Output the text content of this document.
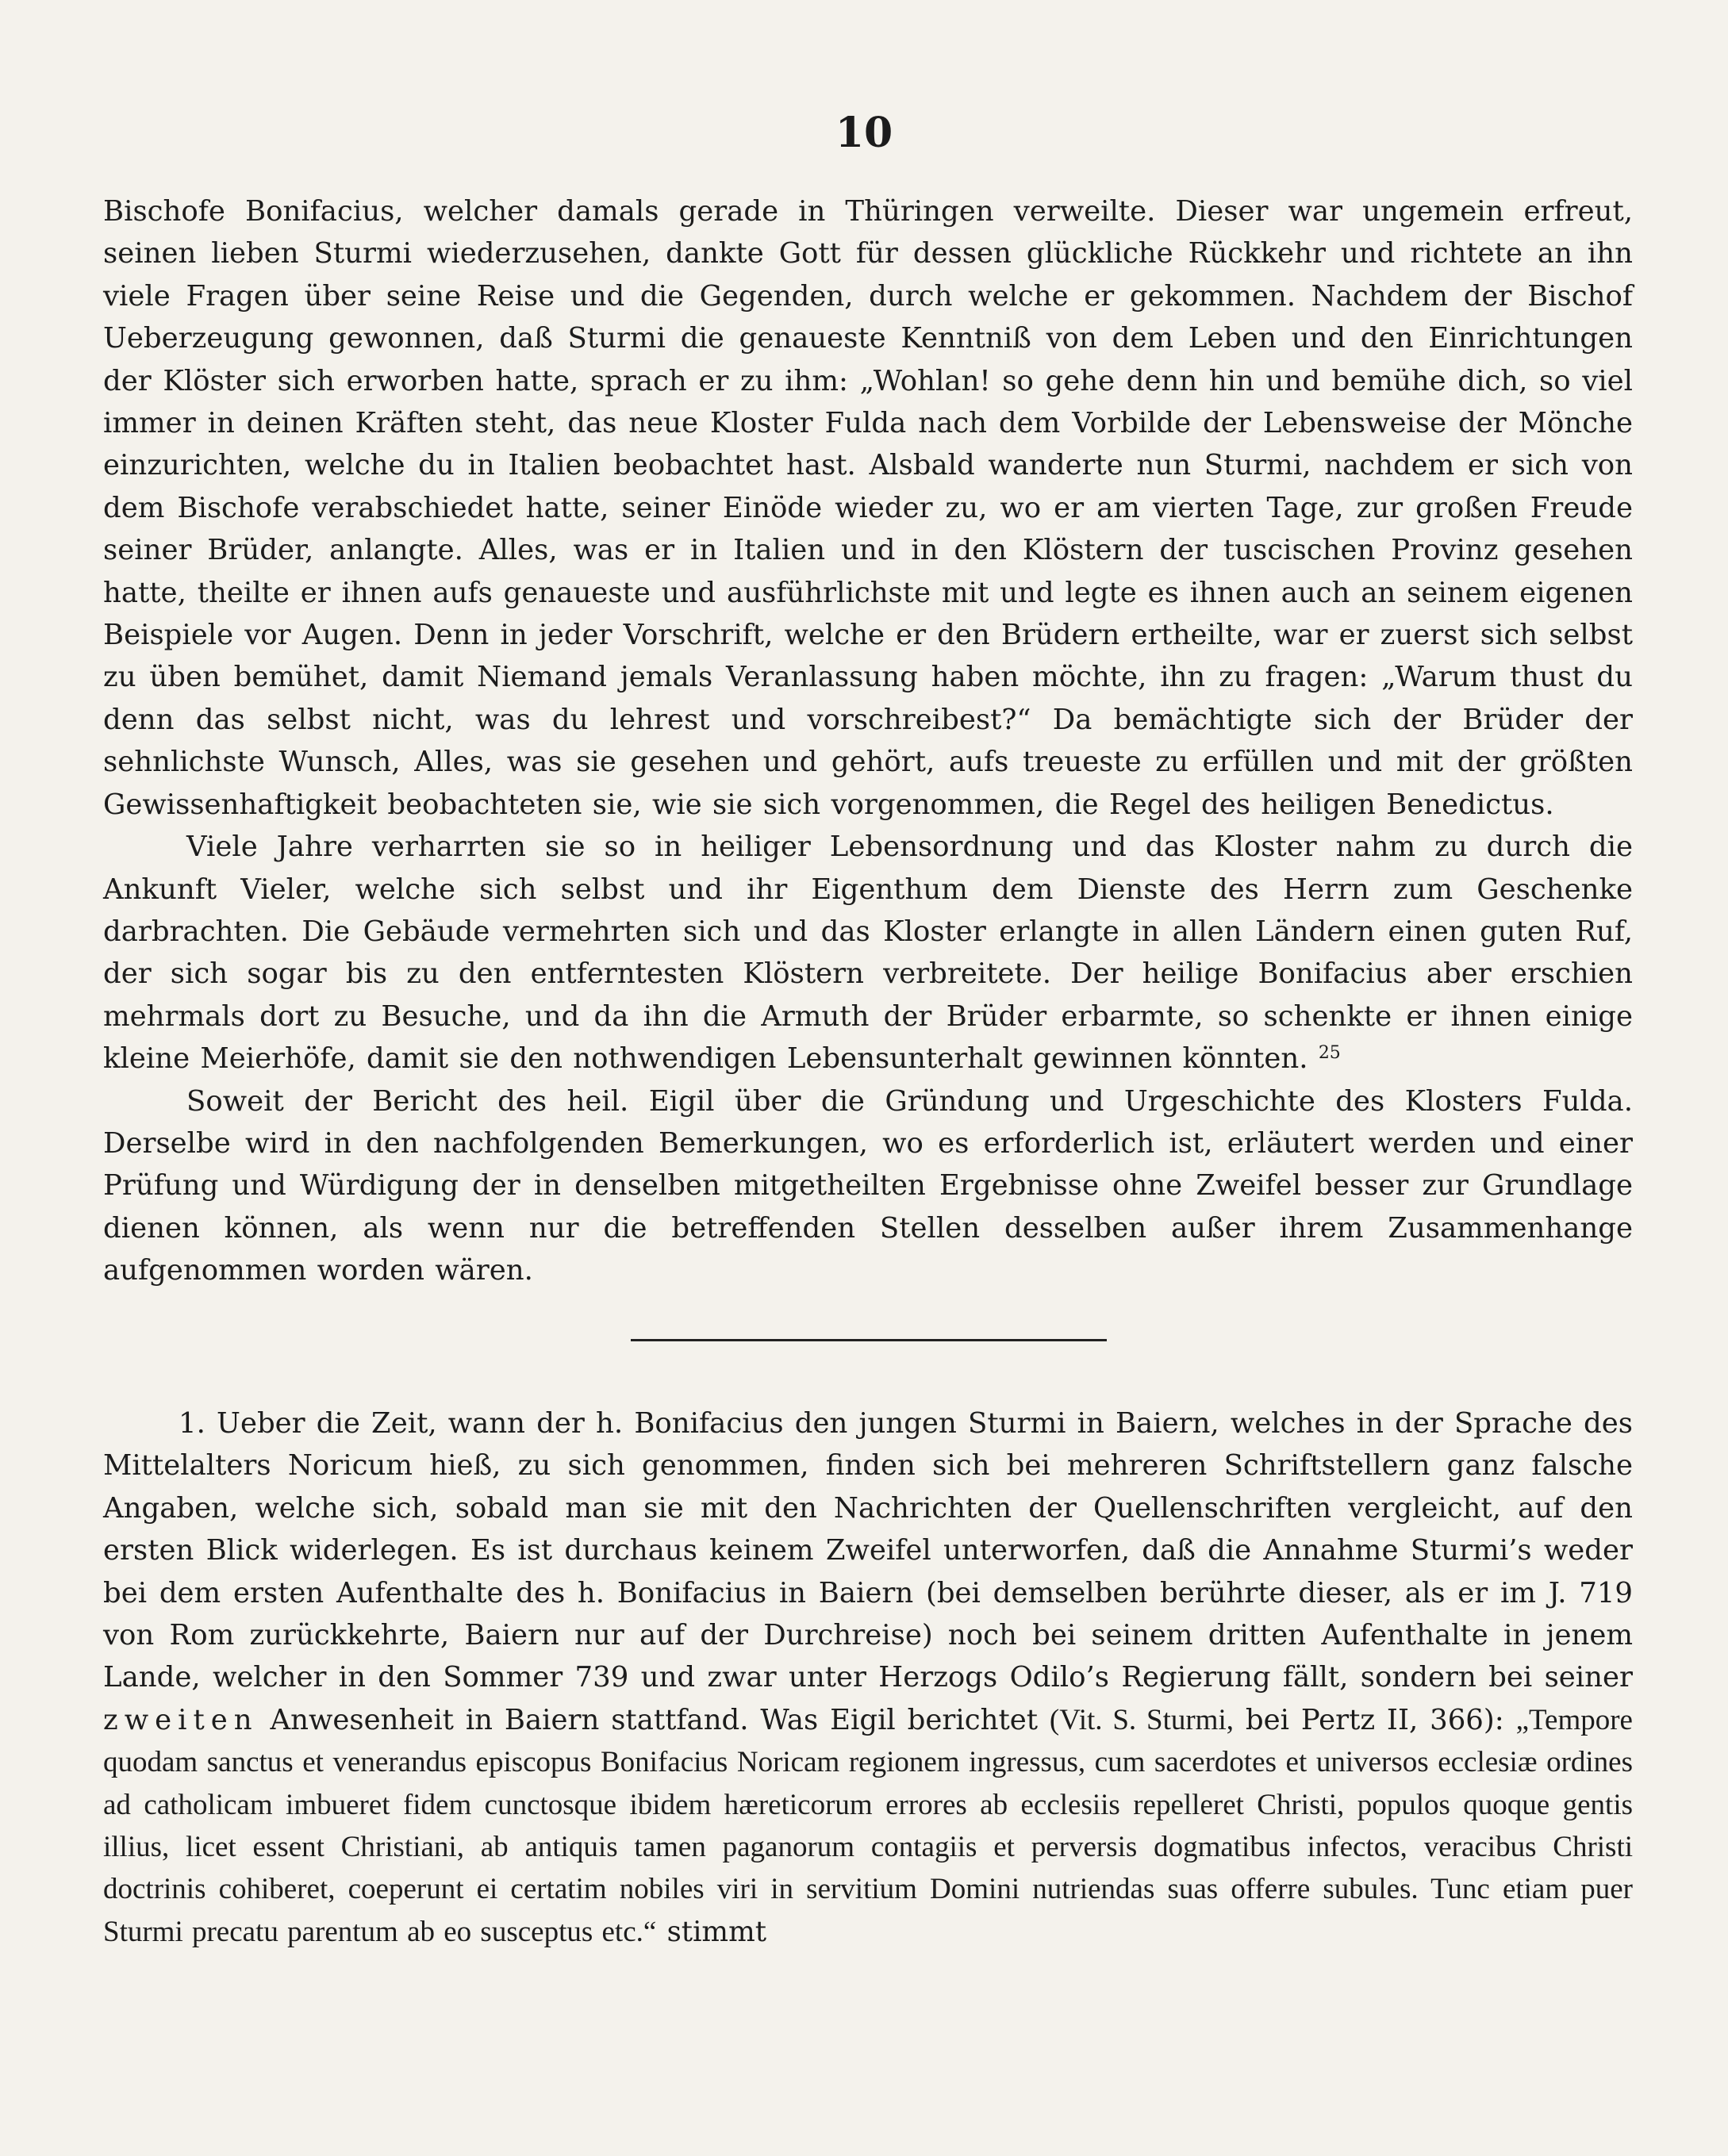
10

Bischofe Bonifacius, welcher damals gerade in Thüringen verweilte. Dieser war ungemein erfreut, seinen lieben Sturmi wiederzusehen, dankte Gott für dessen glückliche Rückkehr und richtete an ihn viele Fragen über seine Reise und die Gegenden, durch welche er gekommen. Nachdem der Bischof Ueberzeugung gewonnen, daß Sturmi die genaueste Kenntniß von dem Leben und den Einrichtungen der Klöster sich erworben hatte, sprach er zu ihm: „Wohlan! so gehe denn hin und bemühe dich, so viel immer in deinen Kräften steht, das neue Kloster Fulda nach dem Vorbilde der Lebensweise der Mönche einzurichten, welche du in Italien beobachtet hast. Alsbald wanderte nun Sturmi, nachdem er sich von dem Bischofe verabschiedet hatte, seiner Einöde wieder zu, wo er am vierten Tage, zur großen Freude seiner Brüder, anlangte. Alles, was er in Italien und in den Klöstern der tuscischen Provinz gesehen hatte, theilte er ihnen aufs genaueste und ausführlichste mit und legte es ihnen auch an seinem eigenen Beispiele vor Augen. Denn in jeder Vorschrift, welche er den Brüdern ertheilte, war er zuerst sich selbst zu üben bemühet, damit Niemand jemals Veranlassung haben möchte, ihn zu fragen: „Warum thust du denn das selbst nicht, was du lehrest und vorschreibest?“ Da bemächtigte sich der Brüder der sehnlichste Wunsch, Alles, was sie gesehen und gehört, aufs treueste zu erfüllen und mit der größten Gewissenhaftigkeit beobachteten sie, wie sie sich vorgenommen, die Regel des heiligen Benedictus.

Viele Jahre verharrten sie so in heiliger Lebensordnung und das Kloster nahm zu durch die Ankunft Vieler, welche sich selbst und ihr Eigenthum dem Dienste des Herrn zum Geschenke darbrachten. Die Gebäude vermehrten sich und das Kloster erlangte in allen Ländern einen guten Ruf, der sich sogar bis zu den entferntesten Klöstern verbreitete. Der heilige Bonifacius aber erschien mehrmals dort zu Besuche, und da ihn die Armuth der Brüder erbarmte, so schenkte er ihnen einige kleine Meierhöfe, damit sie den nothwendigen Lebensunterhalt gewinnen könnten. $^{25}$

Soweit der Bericht des heil. Eigil über die Gründung und Urgeschichte des Klosters Fulda. Derselbe wird in den nachfolgenden Bemerkungen, wo es erforderlich ist, erläutert werden und einer Prüfung und Würdigung der in denselben mitgetheilten Ergebnisse ohne Zweifel besser zur Grundlage dienen können, als wenn nur die betreffenden Stellen desselben außer ihrem Zusammenhange aufgenommen worden wären.

1. Ueber die Zeit, wann der h. Bonifacius den jungen Sturmi in Baiern, welches in der Sprache des Mittelalters Noricum hieß, zu sich genommen, finden sich bei mehreren Schriftstellern ganz falsche Angaben, welche sich, sobald man sie mit den Nachrichten der Quellenschriften vergleicht, auf den ersten Blick widerlegen. Es ist durchaus keinem Zweifel unterworfen, daß die Annahme Sturmi’s weder bei dem ersten Aufenthalte des h. Bonifacius in Baiern (bei demselben berührte dieser, als er im J. 719 von Rom zurückkehrte, Baiern nur auf der Durchreise) noch bei seinem dritten Aufenthalte in jenem Lande, welcher in den Sommer 739 und zwar unter Herzogs Odilo’s Regierung fällt, sondern bei seiner zweiten Anwesenheit in Baiern stattfand. Was Eigil berichtet (Vit. S. Sturmi, bei Pertz II, 366): „Tempore quodam sanctus et venerandus episcopus Bonifacius Noricam regionem ingressus, cum sacerdotes et universos ecclesiæ ordines ad catholicam imbueret fidem cunctosque ibidem hæreticorum errores ab ecclesiis repelleret Christi, populos quoque gentis illius, licet essent Christiani, ab antiquis tamen paganorum contagiis et perversis dogmatibus infectos, veracibus Christi doctrinis cohiberet, coeperunt ei certatim nobiles viri in servitium Domini nutriendas suas offerre subules. Tunc etiam puer Sturmi precatu parentum ab eo susceptus etc.“ stimmt
